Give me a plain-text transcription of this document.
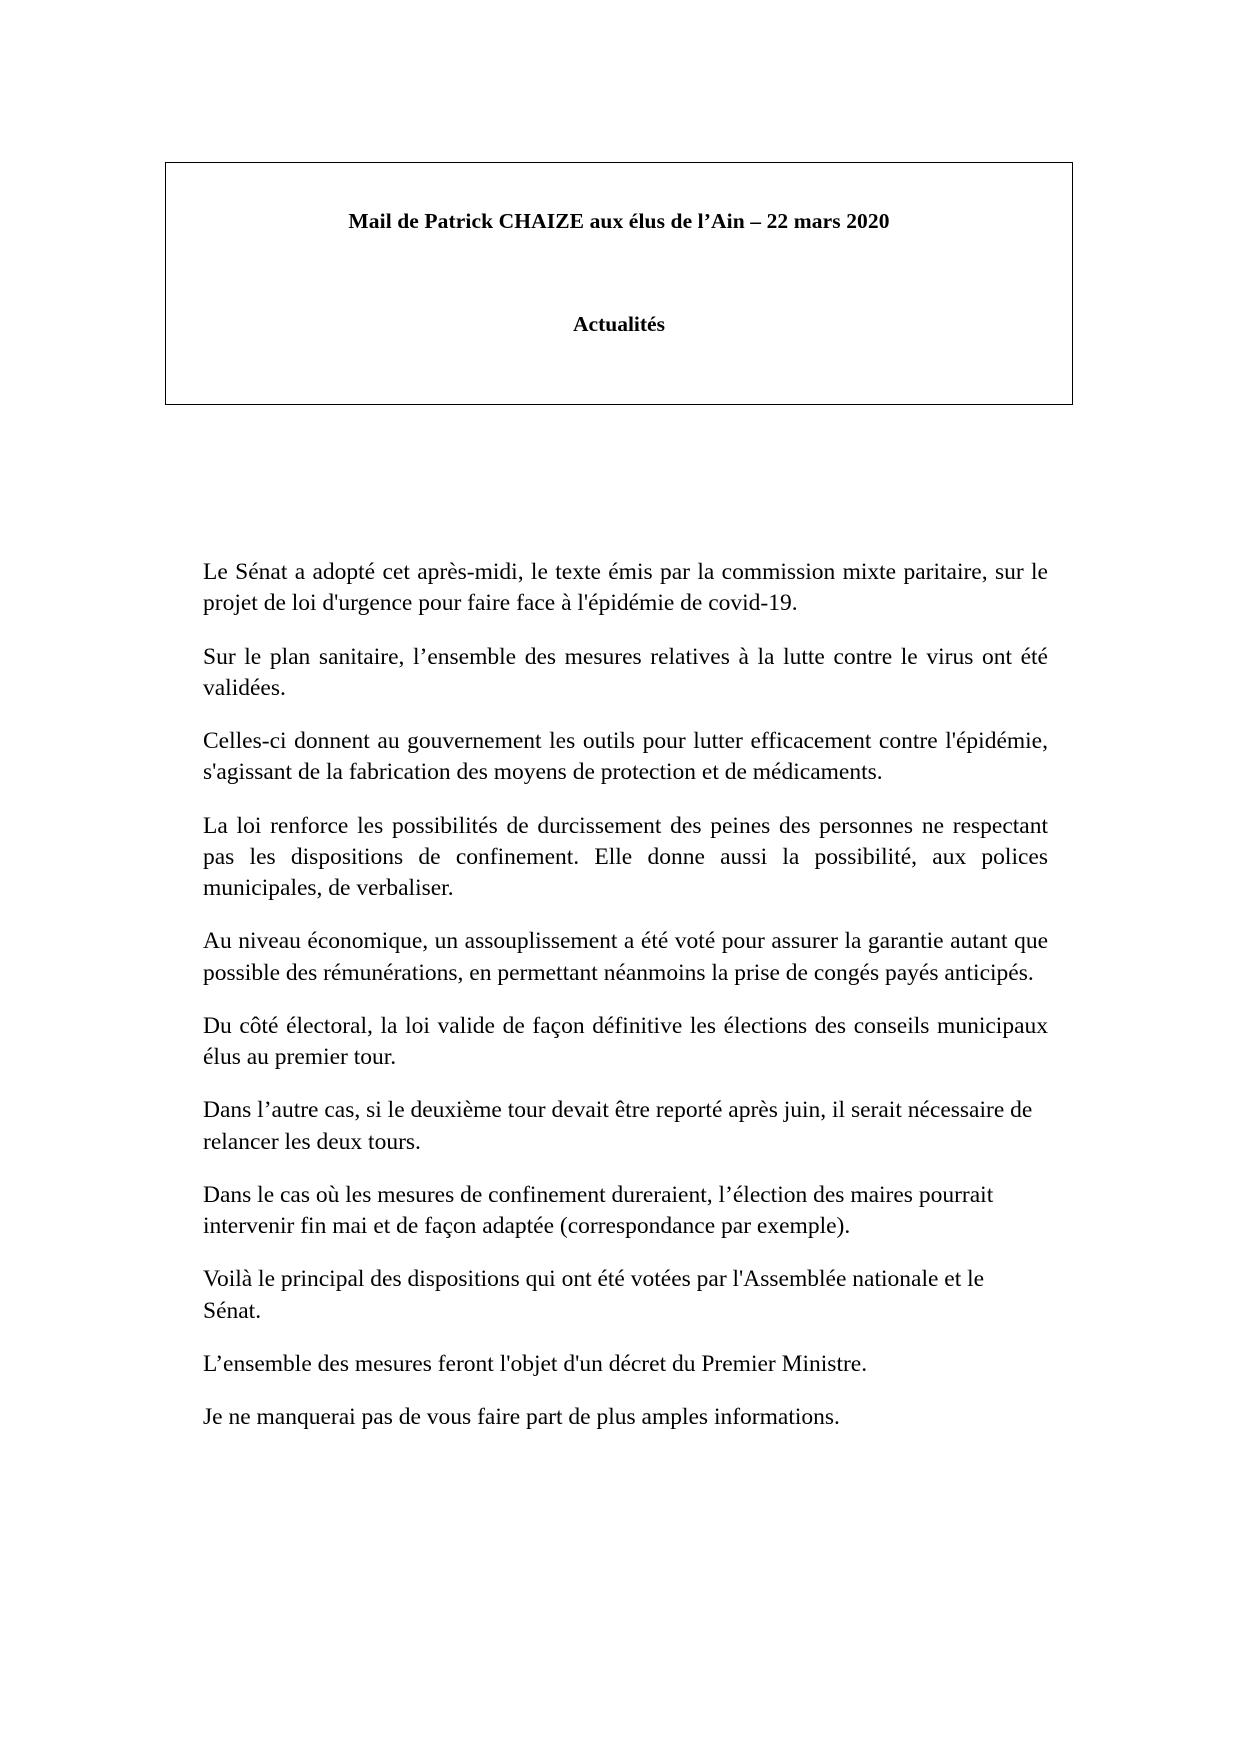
Mail de Patrick CHAIZE aux élus de l’Ain – 22 mars 2020
Actualités

Le Sénat a adopté cet après-midi, le texte émis par la commission mixte paritaire, sur le projet de loi d'urgence pour faire face à l'épidémie de covid-19.

Sur le plan sanitaire, l’ensemble des mesures relatives à la lutte contre le virus ont été validées.

Celles-ci donnent au gouvernement les outils pour lutter efficacement contre l'épidémie, s'agissant de la fabrication des moyens de protection et de médicaments.

La loi renforce les possibilités de durcissement des peines des personnes ne respectant pas les dispositions de confinement. Elle donne aussi la possibilité, aux polices municipales, de verbaliser.

Au niveau économique, un assouplissement a été voté pour assurer la garantie autant que possible des rémunérations, en permettant néanmoins la prise de congés payés anticipés.

Du côté électoral, la loi valide de façon définitive les élections des conseils municipaux élus au premier tour.

Dans l’autre cas, si le deuxième tour devait être reporté après juin, il serait nécessaire de relancer les deux tours.

Dans le cas où les mesures de confinement dureraient, l’élection des maires pourrait intervenir fin mai et de façon adaptée (correspondance par exemple).

Voilà le principal des dispositions qui ont été votées par l'Assemblée nationale et le Sénat.

L’ensemble des mesures feront l'objet d'un décret du Premier Ministre.

Je ne manquerai pas de vous faire part de plus amples informations.
